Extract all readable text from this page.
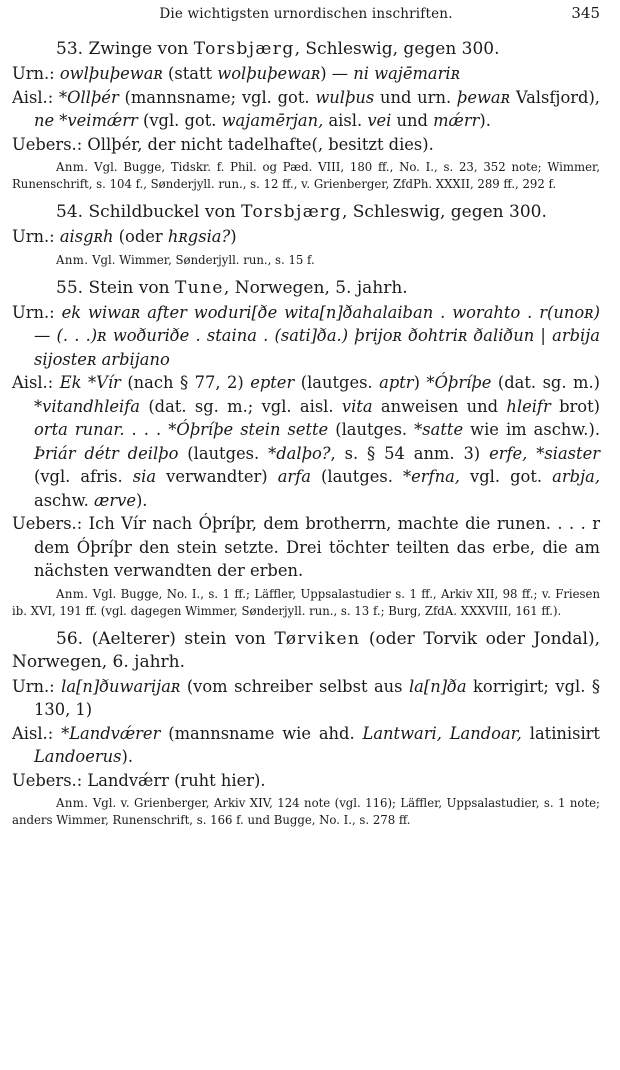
Die wichtigsten urnordischen inschriften.	345

53. Zwinge von Torsbjærg, Schleswig, gegen 300.

Urn.: owlþuþewaʀ (statt wolþuþewaʀ) — ni wajēmariʀ

Aisl.: *Ollþér (mannsname; vgl. got. wulþus und urn. þewaʀ Valsfjord), ne *veimǽrr (vgl. got. wajamērjan, aisl. vei und mǽrr).

Uebers.: Ollþér, der nicht tadelhafte(, besitzt dies).

Anm. Vgl. Bugge, Tidskr. f. Phil. og Pæd. VIII, 180 ff., No. I., s. 23, 352 note; Wimmer, Runenschrift, s. 104 f., Sønderjyll. run., s. 12 ff., v. Grienberger, ZfdPh. XXXII, 289 ff., 292 f.

54. Schildbuckel von Torsbjærg, Schleswig, gegen 300.

Urn.: aisgʀh (oder hʀgsia?)

Anm. Vgl. Wimmer, Sønderjyll. run., s. 15 f.

55. Stein von Tune, Norwegen, 5. jahrh.

Urn.: ek wiwaʀ after woduri[ðe wita[n]ðahalaiban . worahto . r(unoʀ) — (. . .)ʀ woðuriðe . staina . (sati]ða.) þrijoʀ ðohtriʀ ðaliðun | arbija sijosteʀ arbijano

Aisl.: Ek *Vír (nach § 77, 2) epter (lautges. aptr) *Óþríþe (dat. sg. m.) *vitandhleifa (dat. sg. m.; vgl. aisl. vita anweisen und hleifr brot) orta runar. . . . *Óþríþe stein sette (lautges. *satte wie im aschw.). Þriár détr deilþo (lautges. *dalþo?, s. § 54 anm. 3) erfe, *siaster (vgl. afris. sia verwandter) arfa (lautges. *erfna, vgl. got. arbja, aschw. ærve).

Uebers.: Ich Vír nach Óþríþr, dem brotherrn, machte die runen. . . . r dem Óþríþr den stein setzte. Drei töchter teilten das erbe, die am nächsten verwandten der erben.

Anm. Vgl. Bugge, No. I., s. 1 ff.; Läffler, Uppsalastudier s. 1 ff., Arkiv XII, 98 ff.; v. Friesen ib. XVI, 191 ff. (vgl. dagegen Wimmer, Sønderjyll. run., s. 13 f.; Burg, ZfdA. XXXVIII, 161 ff.).

56. (Aelterer) stein von Tørviken (oder Torvik oder Jondal), Norwegen, 6. jahrh.

Urn.: la[n]ðuwarijaʀ (vom schreiber selbst aus la[n]ða korrigirt; vgl. § 130, 1)

Aisl.: *Landvǽrer (mannsname wie ahd. Lantwari, Landoar, latinisirt Landoerus).

Uebers.: Landvǽrr (ruht hier).

Anm. Vgl. v. Grienberger, Arkiv XIV, 124 note (vgl. 116); Läffler, Uppsalastudier, s. 1 note; anders Wimmer, Runenschrift, s. 166 f. und Bugge, No. I., s. 278 ff.
